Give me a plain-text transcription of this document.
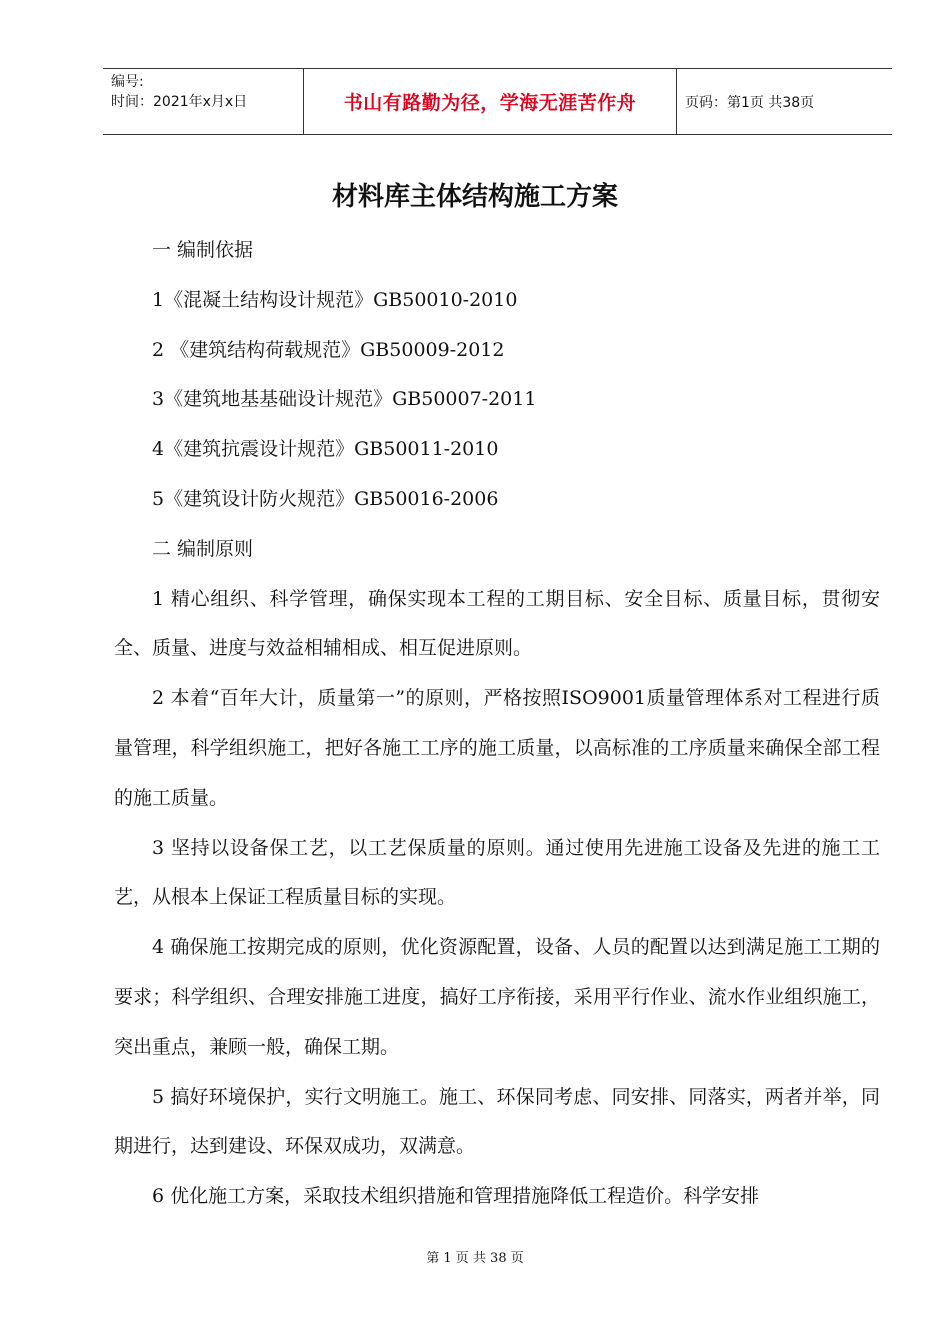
编号:
时间：2021年x月x日	书山有路勤为径，学海无涯苦作舟	页码：第1页 共38页
材料库主体结构施工方案

一 编制依据

1《混凝土结构设计规范》GB50010-2010

2 《建筑结构荷载规范》GB50009-2012

3《建筑地基基础设计规范》GB50007-2011

4《建筑抗震设计规范》GB50011-2010

5《建筑设计防火规范》GB50016-2006

二 编制原则

1 精心组织、科学管理，确保实现本工程的工期目标、安全目标、质量目标，贯彻安全、质量、进度与效益相辅相成、相互促进原则。

2 本着“百年大计，质量第一”的原则，严格按照ISO9001质量管理体系对工程进行质量管理，科学组织施工，把好各施工工序的施工质量，以高标准的工序质量来确保全部工程的施工质量。

3 坚持以设备保工艺，以工艺保质量的原则。通过使用先进施工设备及先进的施工工艺，从根本上保证工程质量目标的实现。

4 确保施工按期完成的原则，优化资源配置，设备、人员的配置以达到满足施工工期的要求；科学组织、合理安排施工进度，搞好工序衔接，采用平行作业、流水作业组织施工，突出重点，兼顾一般，确保工期。

5 搞好环境保护，实行文明施工。施工、环保同考虑、同安排、同落实，两者并举，同期进行，达到建设、环保双成功，双满意。

6 优化施工方案，采取技术组织措施和管理措施降低工程造价。科学安排

第 1 页 共 38 页
